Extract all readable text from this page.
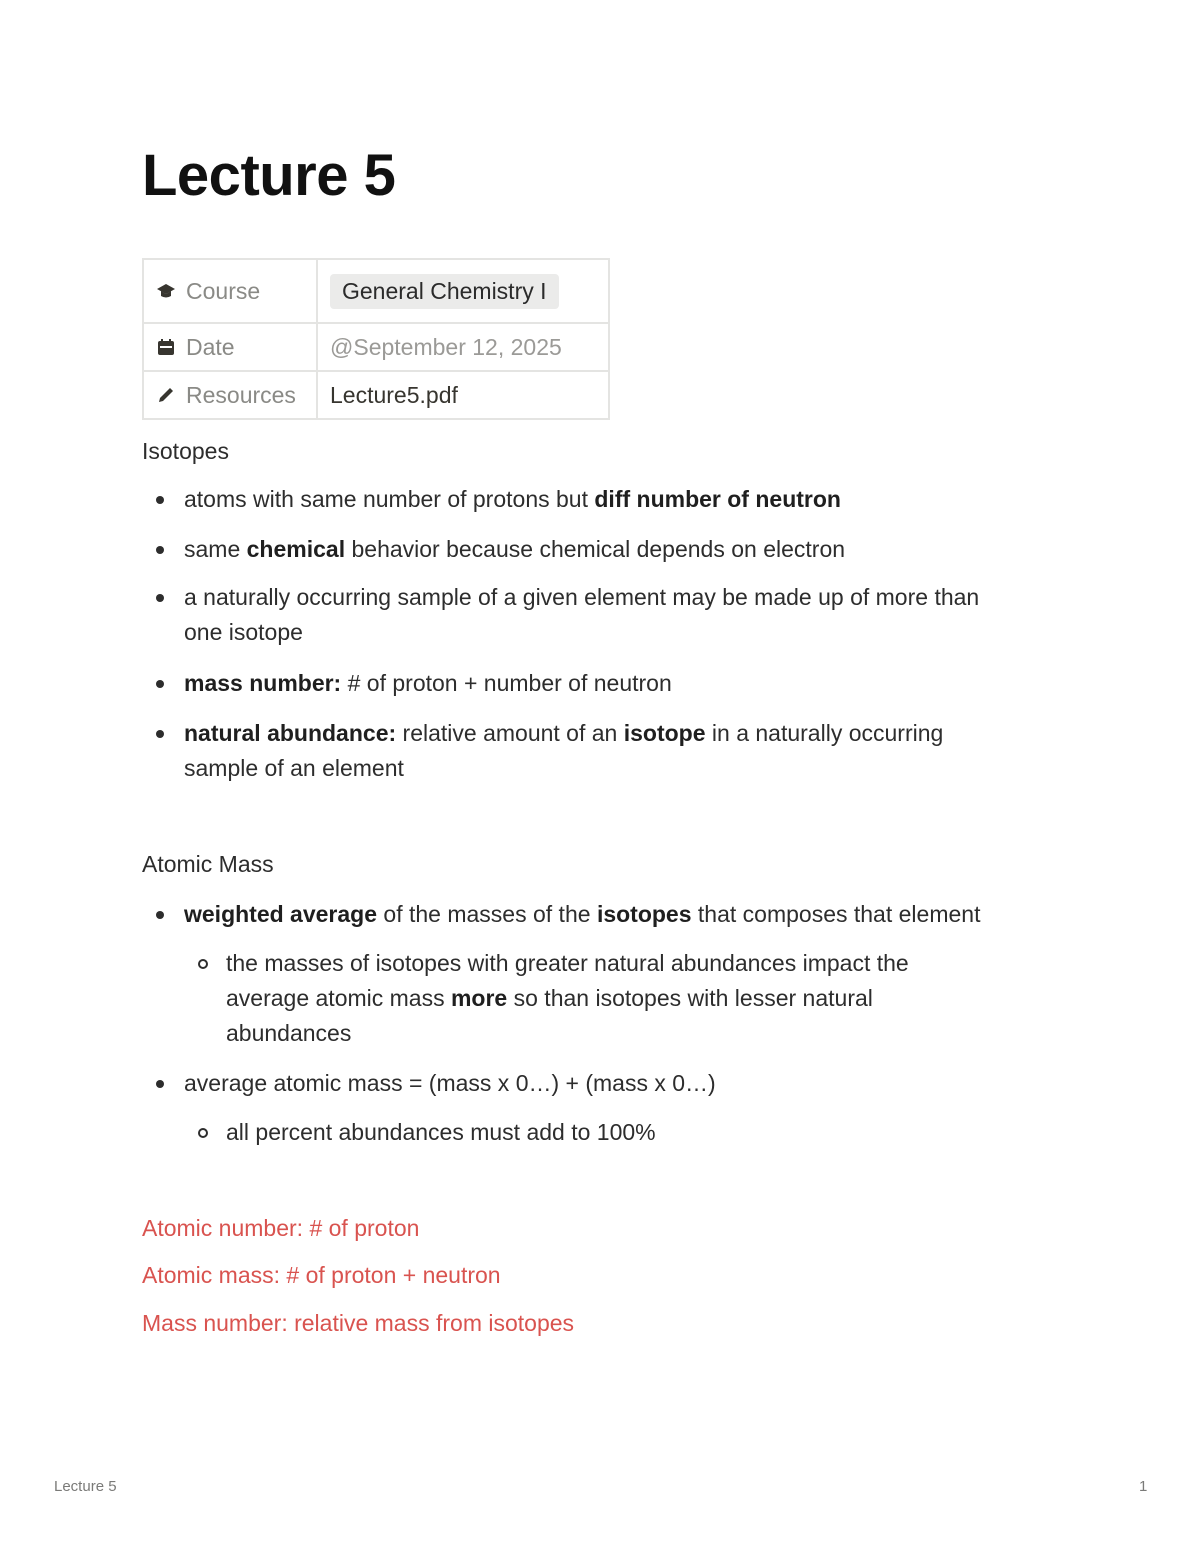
Lecture 5
Course	General Chemistry I

Date	@September 12, 2025

Resources	Lecture5.pdf
Isotopes
atoms with same number of protons but diff number of neutron
same chemical behavior because chemical depends on electron
a naturally occurring sample of a given element may be made up of more than
one isotope
mass number: # of proton + number of neutron
natural abundance: relative amount of an isotope in a naturally occurring
sample of an element
Atomic Mass
weighted average of the masses of the isotopes that composes that element
the masses of isotopes with greater natural abundances impact the
average atomic mass more so than isotopes with lesser natural
abundances
average atomic mass = (mass x 0…) + (mass x 0…)
all percent abundances must add to 100%
Atomic number: # of proton
Atomic mass: # of proton + neutron
Mass number: relative mass from isotopes
Lecture 5	1
